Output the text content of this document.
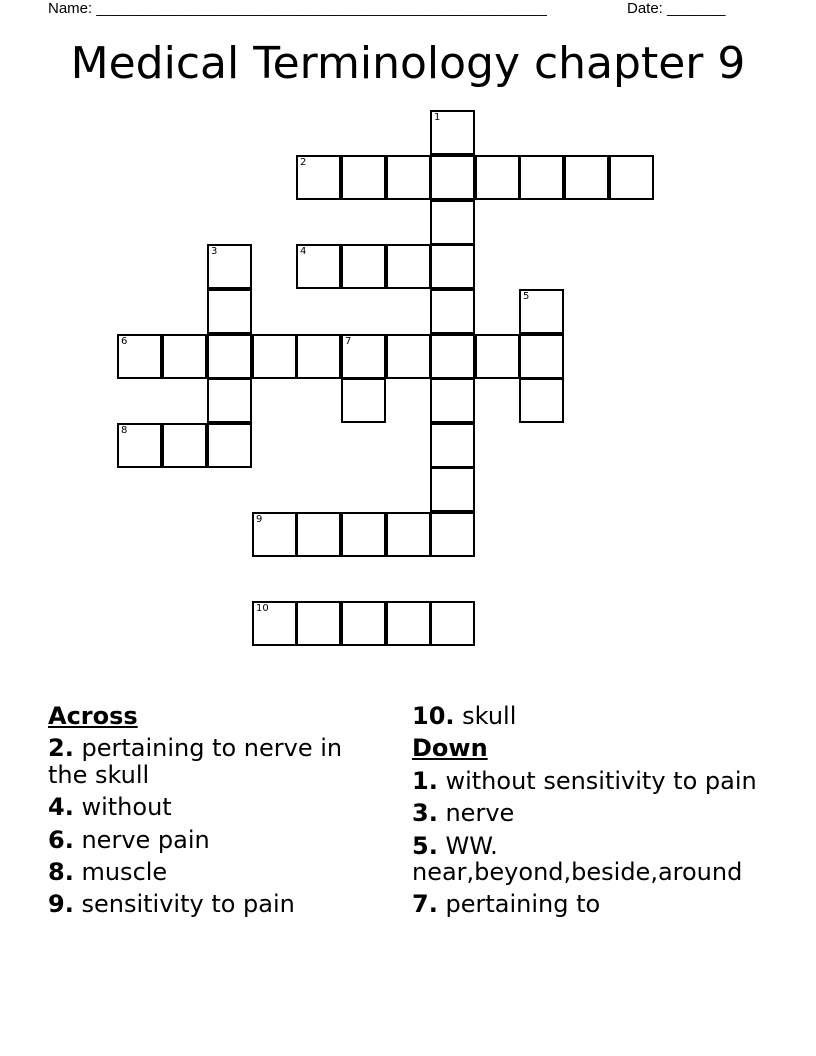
Name: ______________________________________________________	Date: _______
Medical Terminology chapter 9
1
2
3	4
5
6	7
8
9
10
Across
2. pertaining to nerve in the skull
4. without
6. nerve pain
8. muscle
9. sensitivity to pain
10. skull
Down
1. without sensitivity to pain
3. nerve
5. WW. near,beyond,beside,around
7. pertaining to
